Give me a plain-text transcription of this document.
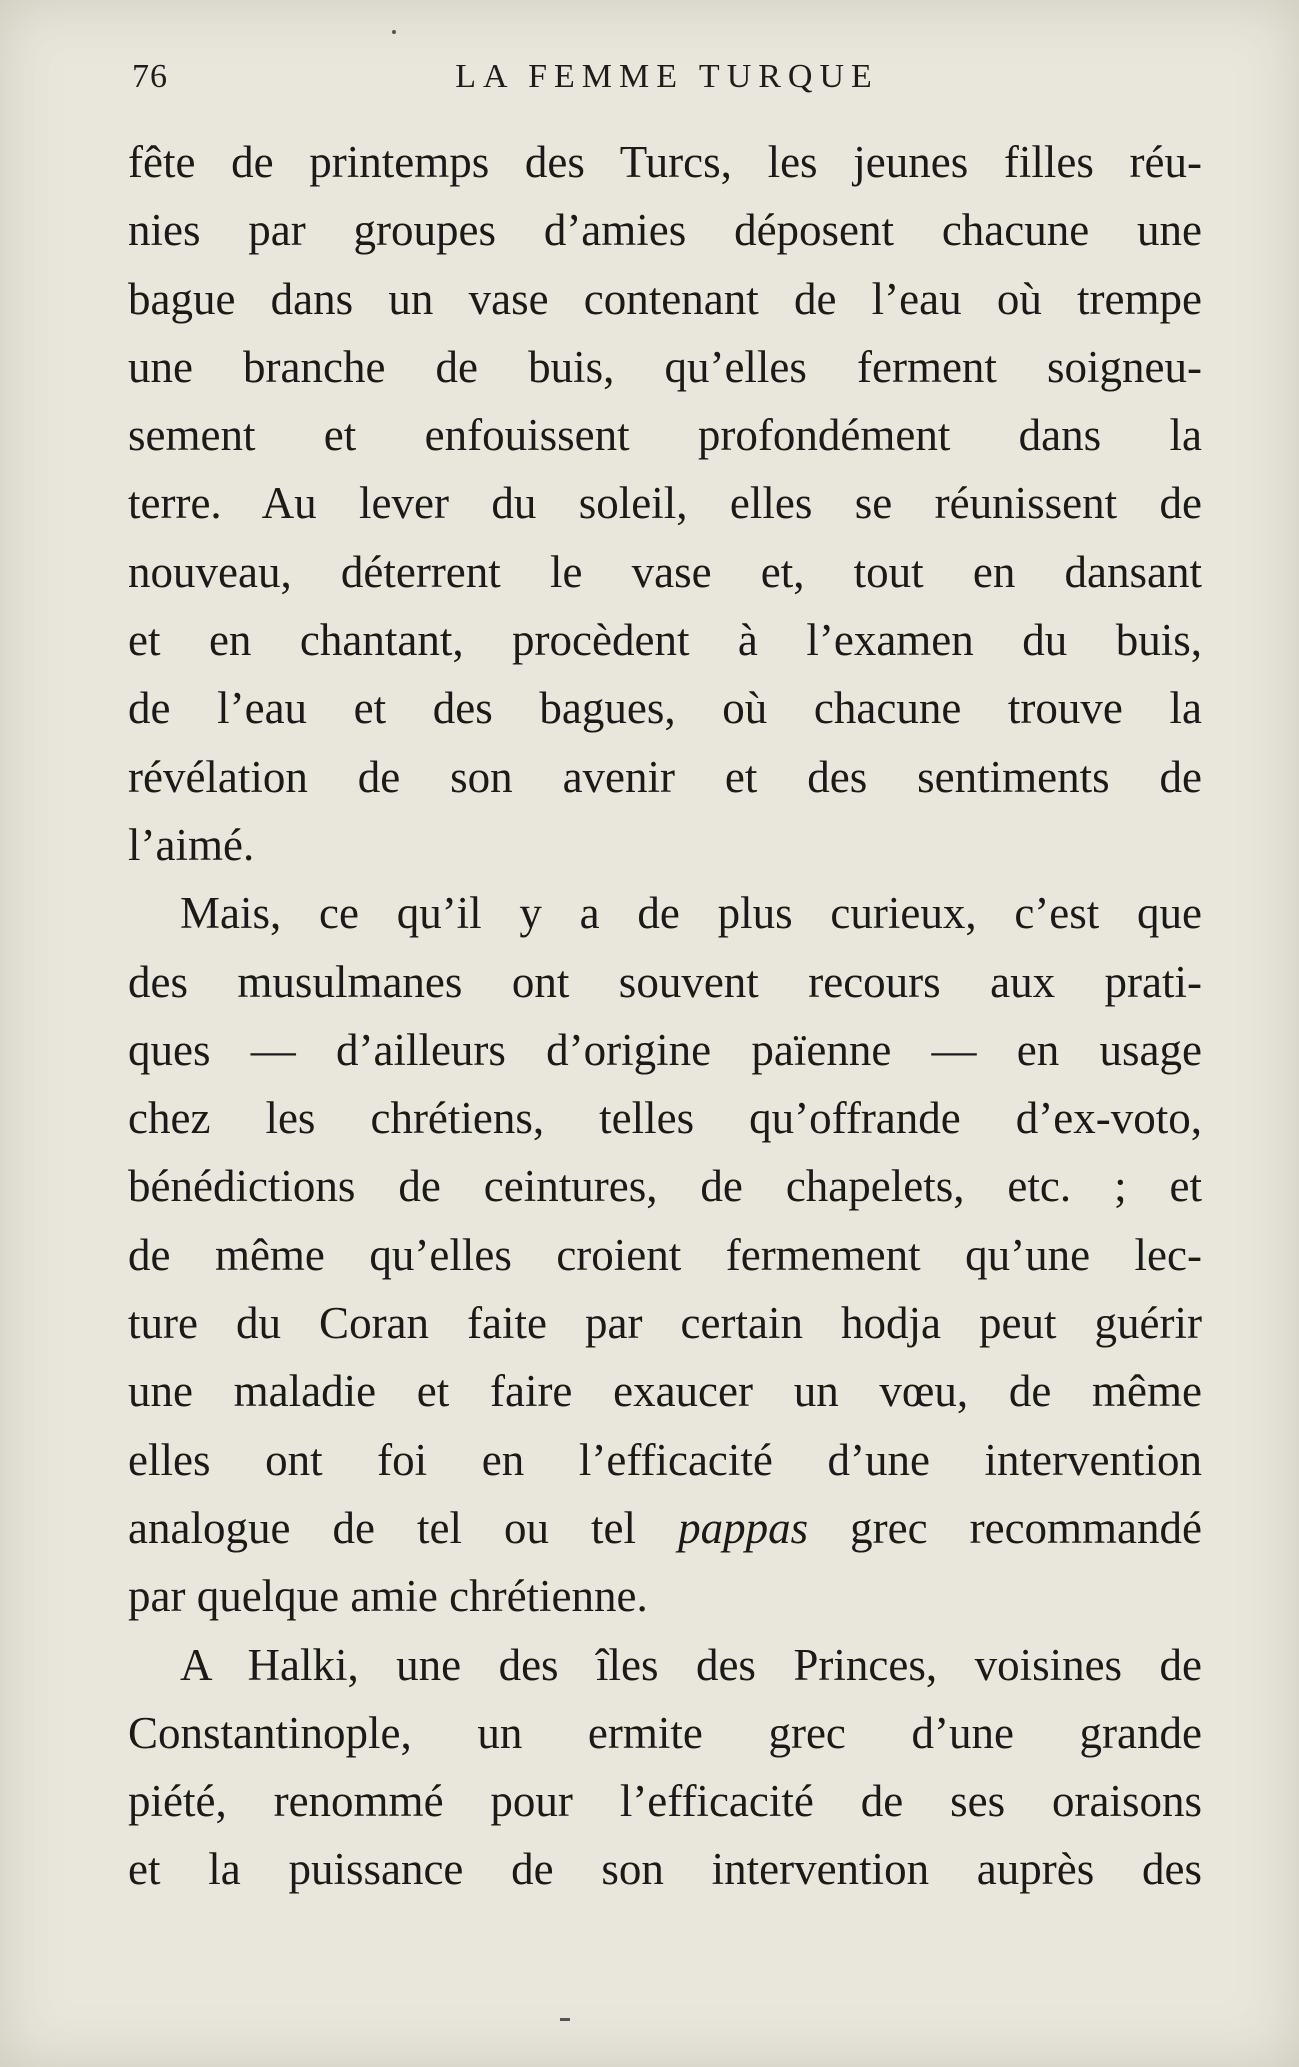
76	LA FEMME TURQUE
fête de printemps des Turcs, les jeunes filles réu-
nies par groupes d’amies déposent chacune une
bague dans un vase contenant de l’eau où trempe
une branche de buis, qu’elles ferment soigneu-
sement et enfouissent profondément dans la
terre. Au lever du soleil, elles se réunissent de
nouveau, déterrent le vase et, tout en dansant
et en chantant, procèdent à l’examen du buis,
de l’eau et des bagues, où chacune trouve la
révélation de son avenir et des sentiments de
l’aimé.
Mais, ce qu’il y a de plus curieux, c’est que
des musulmanes ont souvent recours aux prati-
ques — d’ailleurs d’origine païenne — en usage
chez les chrétiens, telles qu’offrande d’ex-voto,
bénédictions de ceintures, de chapelets, etc. ; et
de même qu’elles croient fermement qu’une lec-
ture du Coran faite par certain hodja peut guérir
une maladie et faire exaucer un vœu, de même
elles ont foi en l’efficacité d’une intervention
analogue de tel ou tel pappas grec recommandé
par quelque amie chrétienne.
A Halki, une des îles des Princes, voisines de
Constantinople, un ermite grec d’une grande
piété, renommé pour l’efficacité de ses oraisons
et la puissance de son intervention auprès des
